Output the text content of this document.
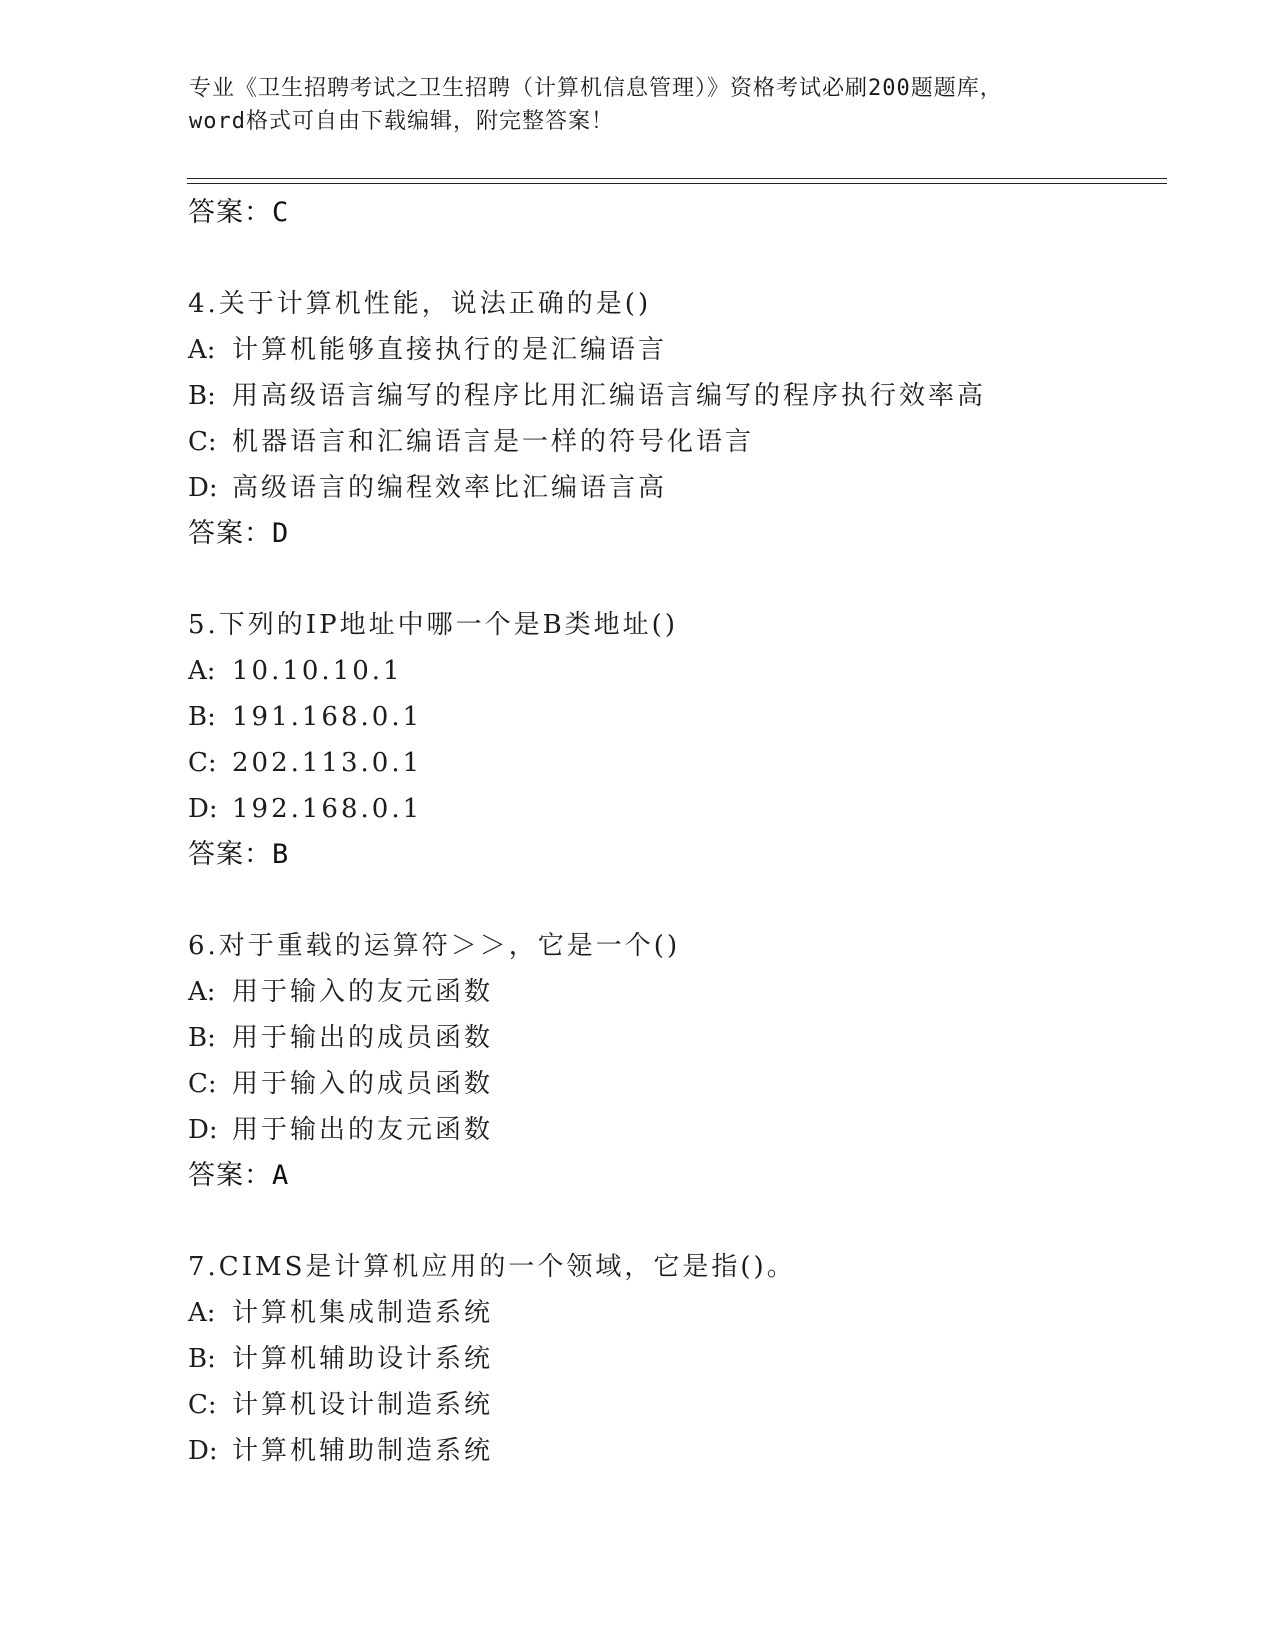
专业《卫生招聘考试之卫生招聘（计算机信息管理）》资格考试必刷200题题库，
word格式可自由下载编辑，附完整答案！
答案：C
4.关于计算机性能，说法正确的是()
A: 计算机能够直接执行的是汇编语言
B: 用高级语言编写的程序比用汇编语言编写的程序执行效率高
C: 机器语言和汇编语言是一样的符号化语言
D: 高级语言的编程效率比汇编语言高
答案：D
5.下列的IP地址中哪一个是B类地址()
A: 10.10.10.1
B: 191.168.0.1
C: 202.113.0.1
D: 192.168.0.1
答案：B
6.对于重载的运算符＞＞，它是一个()
A: 用于输入的友元函数
B: 用于输出的成员函数
C: 用于输入的成员函数
D: 用于输出的友元函数
答案：A
7.CIMS是计算机应用的一个领域，它是指()。
A: 计算机集成制造系统
B: 计算机辅助设计系统
C: 计算机设计制造系统
D: 计算机辅助制造系统
